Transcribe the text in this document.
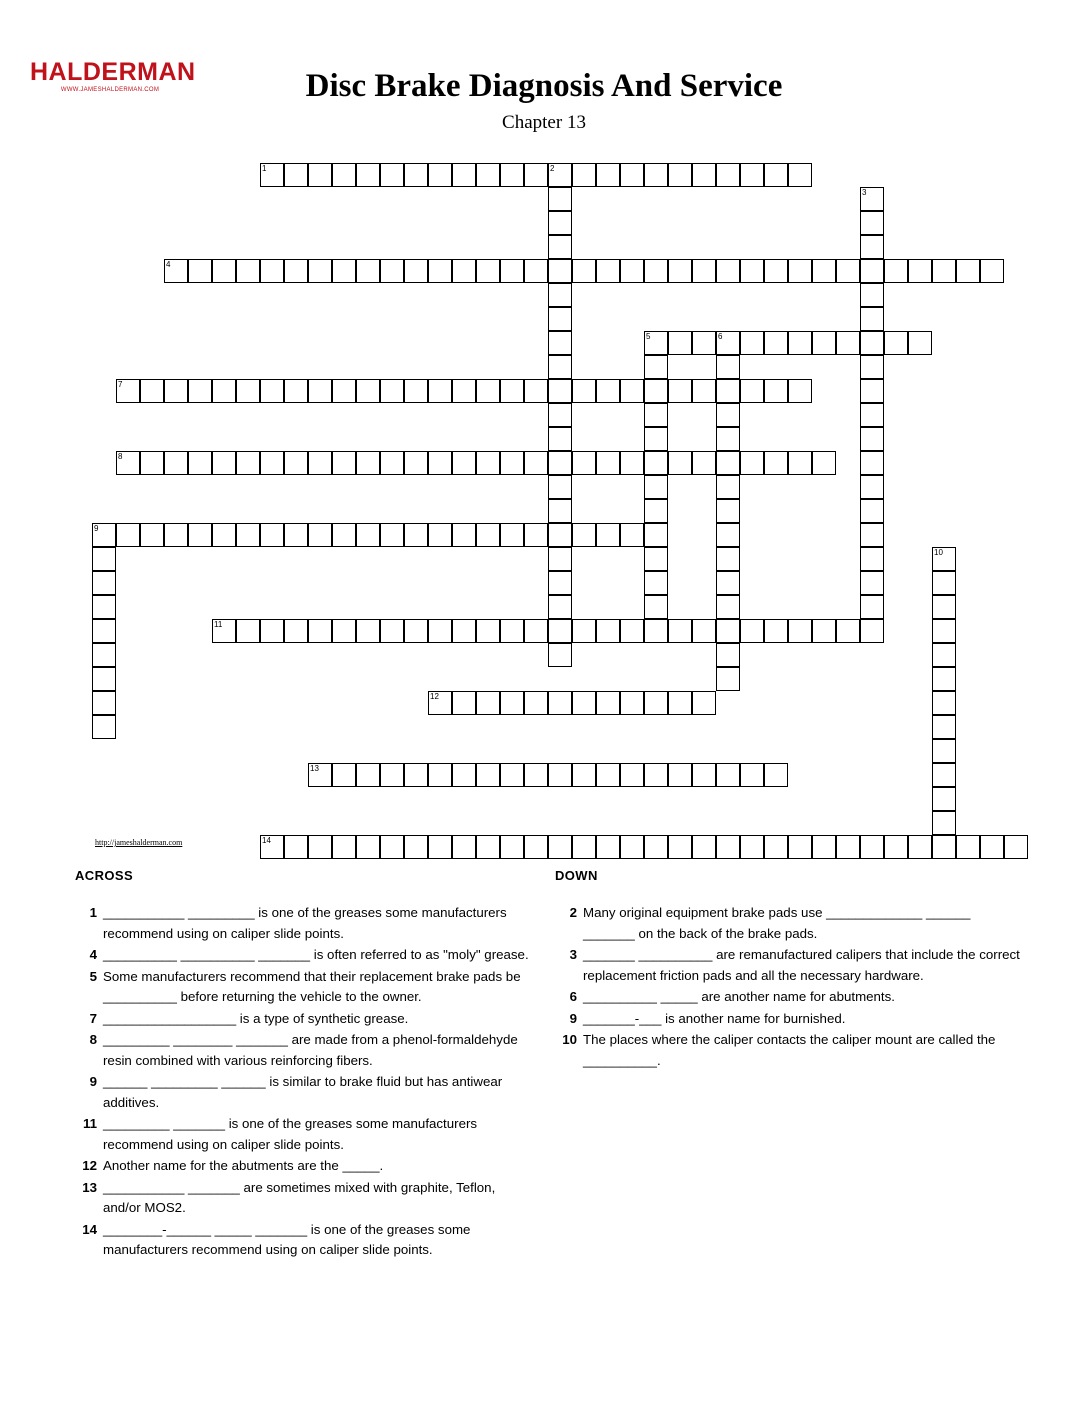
HALDERMAN
WWW.JAMESHALDERMAN.COM	Disc Brake Diagnosis And Service
Chapter 13
1	2
3
4
5	6
7
8
9
10
11
12
13
14
http://jameshalderman.com
ACROSS
1 ___________ _________ is one of the greases some manufacturers recommend using on caliper slide points.
4 __________ __________ _______ is often referred to as "moly" grease.
5 Some manufacturers recommend that their replacement brake pads be __________ before returning the vehicle to the owner.
7 __________________ is a type of synthetic grease.
8 _________ ________ _______ are made from a phenol-formaldehyde resin combined with various reinforcing fibers.
9 ______ _________ ______ is similar to brake fluid but has antiwear additives.
11 _________ _______ is one of the greases some manufacturers recommend using on caliper slide points.
12 Another name for the abutments are the _____.
13 ___________ _______ are sometimes mixed with graphite, Teflon, and/or MOS2.
14 ________-______ _____ _______ is one of the greases some manufacturers recommend using on caliper slide points.
DOWN
2 Many original equipment brake pads use _____________ ______ _______ on the back of the brake pads.
3 _______ __________ are remanufactured calipers that include the correct replacement friction pads and all the necessary hardware.
6 __________ _____ are another name for abutments.
9 _______-___ is another name for burnished.
10 The places where the caliper contacts the caliper mount are called the __________.
